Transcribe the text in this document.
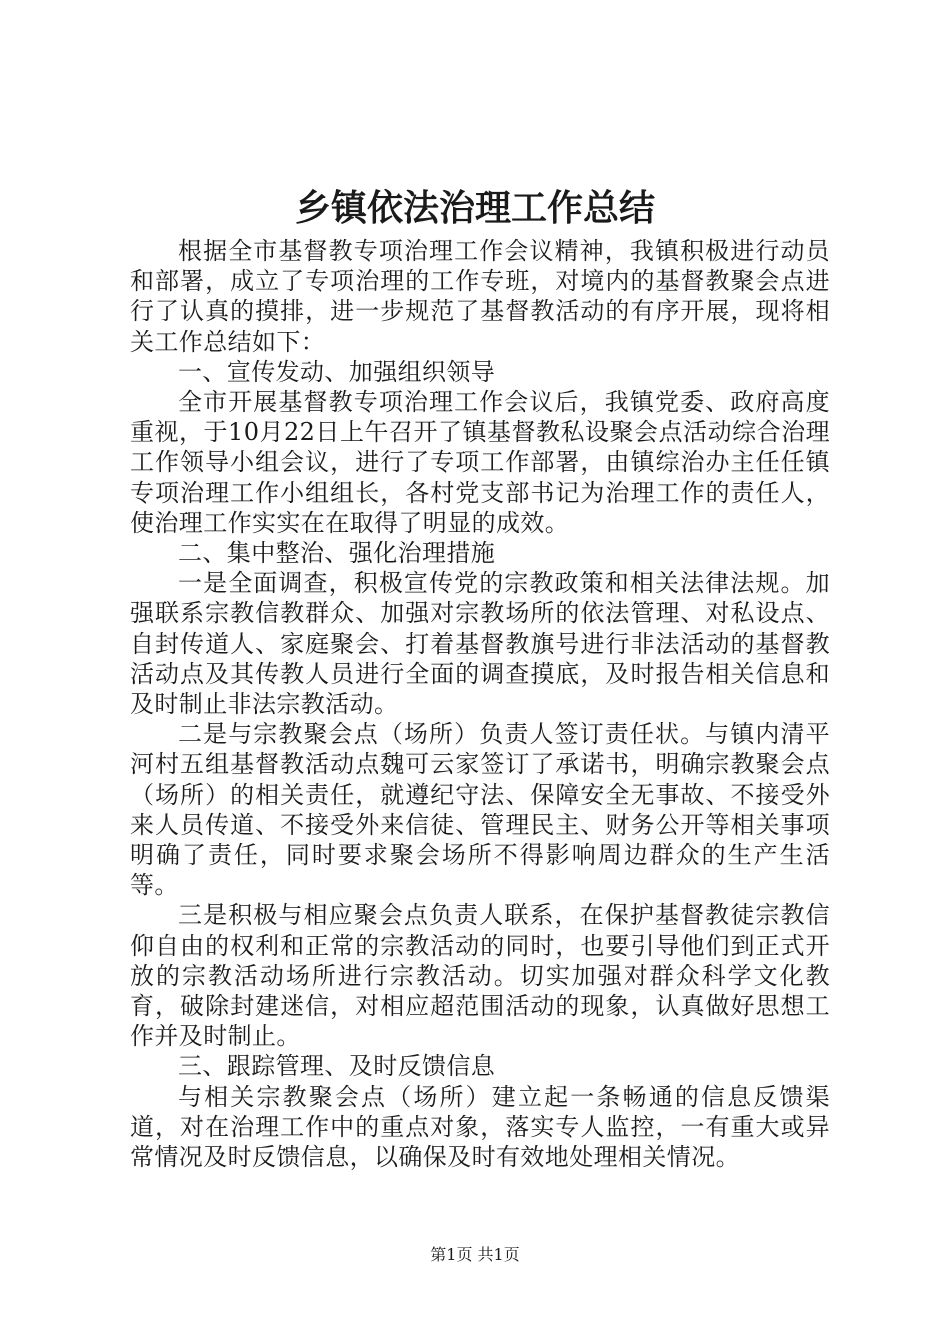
乡镇依法治理工作总结

根据全市基督教专项治理工作会议精神，我镇积极进行动员和部署，成立了专项治理的工作专班，对境内的基督教聚会点进行了认真的摸排，进一步规范了基督教活动的有序开展，现将相关工作总结如下：

一、宣传发动、加强组织领导

全市开展基督教专项治理工作会议后，我镇党委、政府高度重视，于10月22日上午召开了镇基督教私设聚会点活动综合治理工作领导小组会议，进行了专项工作部署，由镇综治办主任任镇专项治理工作小组组长，各村党支部书记为治理工作的责任人，使治理工作实实在在取得了明显的成效。

二、集中整治、强化治理措施

一是全面调查，积极宣传党的宗教政策和相关法律法规。加强联系宗教信教群众、加强对宗教场所的依法管理、对私设点、自封传道人、家庭聚会、打着基督教旗号进行非法活动的基督教活动点及其传教人员进行全面的调查摸底，及时报告相关信息和及时制止非法宗教活动。

二是与宗教聚会点（场所）负责人签订责任状。与镇内清平河村五组基督教活动点魏可云家签订了承诺书，明确宗教聚会点（场所）的相关责任，就遵纪守法、保障安全无事故、不接受外来人员传道、不接受外来信徒、管理民主、财务公开等相关事项明确了责任，同时要求聚会场所不得影响周边群众的生产生活等。

三是积极与相应聚会点负责人联系，在保护基督教徒宗教信仰自由的权利和正常的宗教活动的同时，也要引导他们到正式开放的宗教活动场所进行宗教活动。切实加强对群众科学文化教育，破除封建迷信，对相应超范围活动的现象，认真做好思想工作并及时制止。

三、跟踪管理、及时反馈信息

与相关宗教聚会点（场所）建立起一条畅通的信息反馈渠道，对在治理工作中的重点对象，落实专人监控，一有重大或异常情况及时反馈信息，以确保及时有效地处理相关情况。

第1页 共1页
